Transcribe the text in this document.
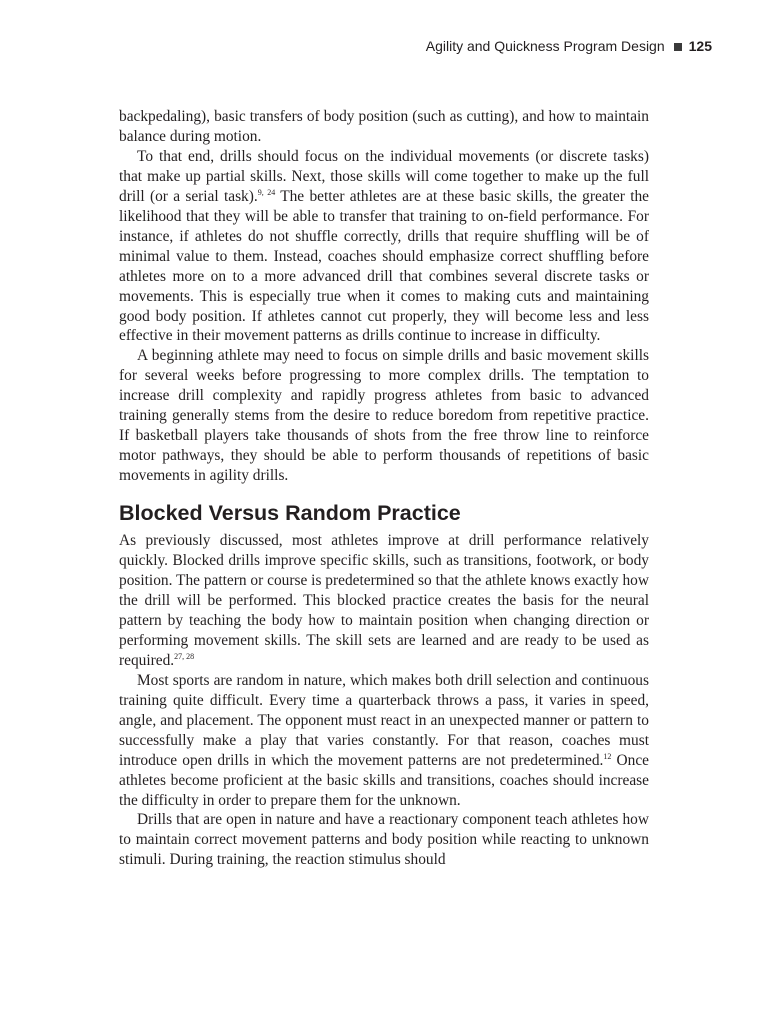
Agility and Quickness Program Design 125

backpedaling), basic transfers of body position (such as cutting), and how to maintain balance during motion.

To that end, drills should focus on the individual movements (or discrete tasks) that make up partial skills. Next, those skills will come together to make up the full drill (or a serial task).$^{9, 24}$ The better athletes are at these basic skills, the greater the likelihood that they will be able to transfer that training to on-field performance. For instance, if athletes do not shuffle correctly, drills that require shuffling will be of minimal value to them. Instead, coaches should emphasize correct shuffling before athletes more on to a more advanced drill that combines several discrete tasks or movements. This is especially true when it comes to making cuts and maintaining good body position. If athletes cannot cut properly, they will become less and less effective in their movement patterns as drills continue to increase in difficulty.

A beginning athlete may need to focus on simple drills and basic movement skills for several weeks before progressing to more complex drills. The temptation to increase drill complexity and rapidly progress athletes from basic to advanced training generally stems from the desire to reduce boredom from repetitive practice. If basketball players take thousands of shots from the free throw line to reinforce motor pathways, they should be able to perform thousands of repetitions of basic movements in agility drills.

Blocked Versus Random Practice

As previously discussed, most athletes improve at drill performance relatively quickly. Blocked drills improve specific skills, such as transitions, footwork, or body position. The pattern or course is predetermined so that the athlete knows exactly how the drill will be performed. This blocked practice creates the basis for the neural pattern by teaching the body how to maintain position when changing direction or performing movement skills. The skill sets are learned and are ready to be used as required.$^{27, 28}$

Most sports are random in nature, which makes both drill selection and continuous training quite difficult. Every time a quarterback throws a pass, it varies in speed, angle, and placement. The opponent must react in an unexpected manner or pattern to successfully make a play that varies constantly. For that reason, coaches must introduce open drills in which the movement patterns are not predetermined.$^{12}$ Once athletes become proficient at the basic skills and transitions, coaches should increase the difficulty in order to prepare them for the unknown.

Drills that are open in nature and have a reactionary component teach athletes how to maintain correct movement patterns and body position while reacting to unknown stimuli. During training, the reaction stimulus should
